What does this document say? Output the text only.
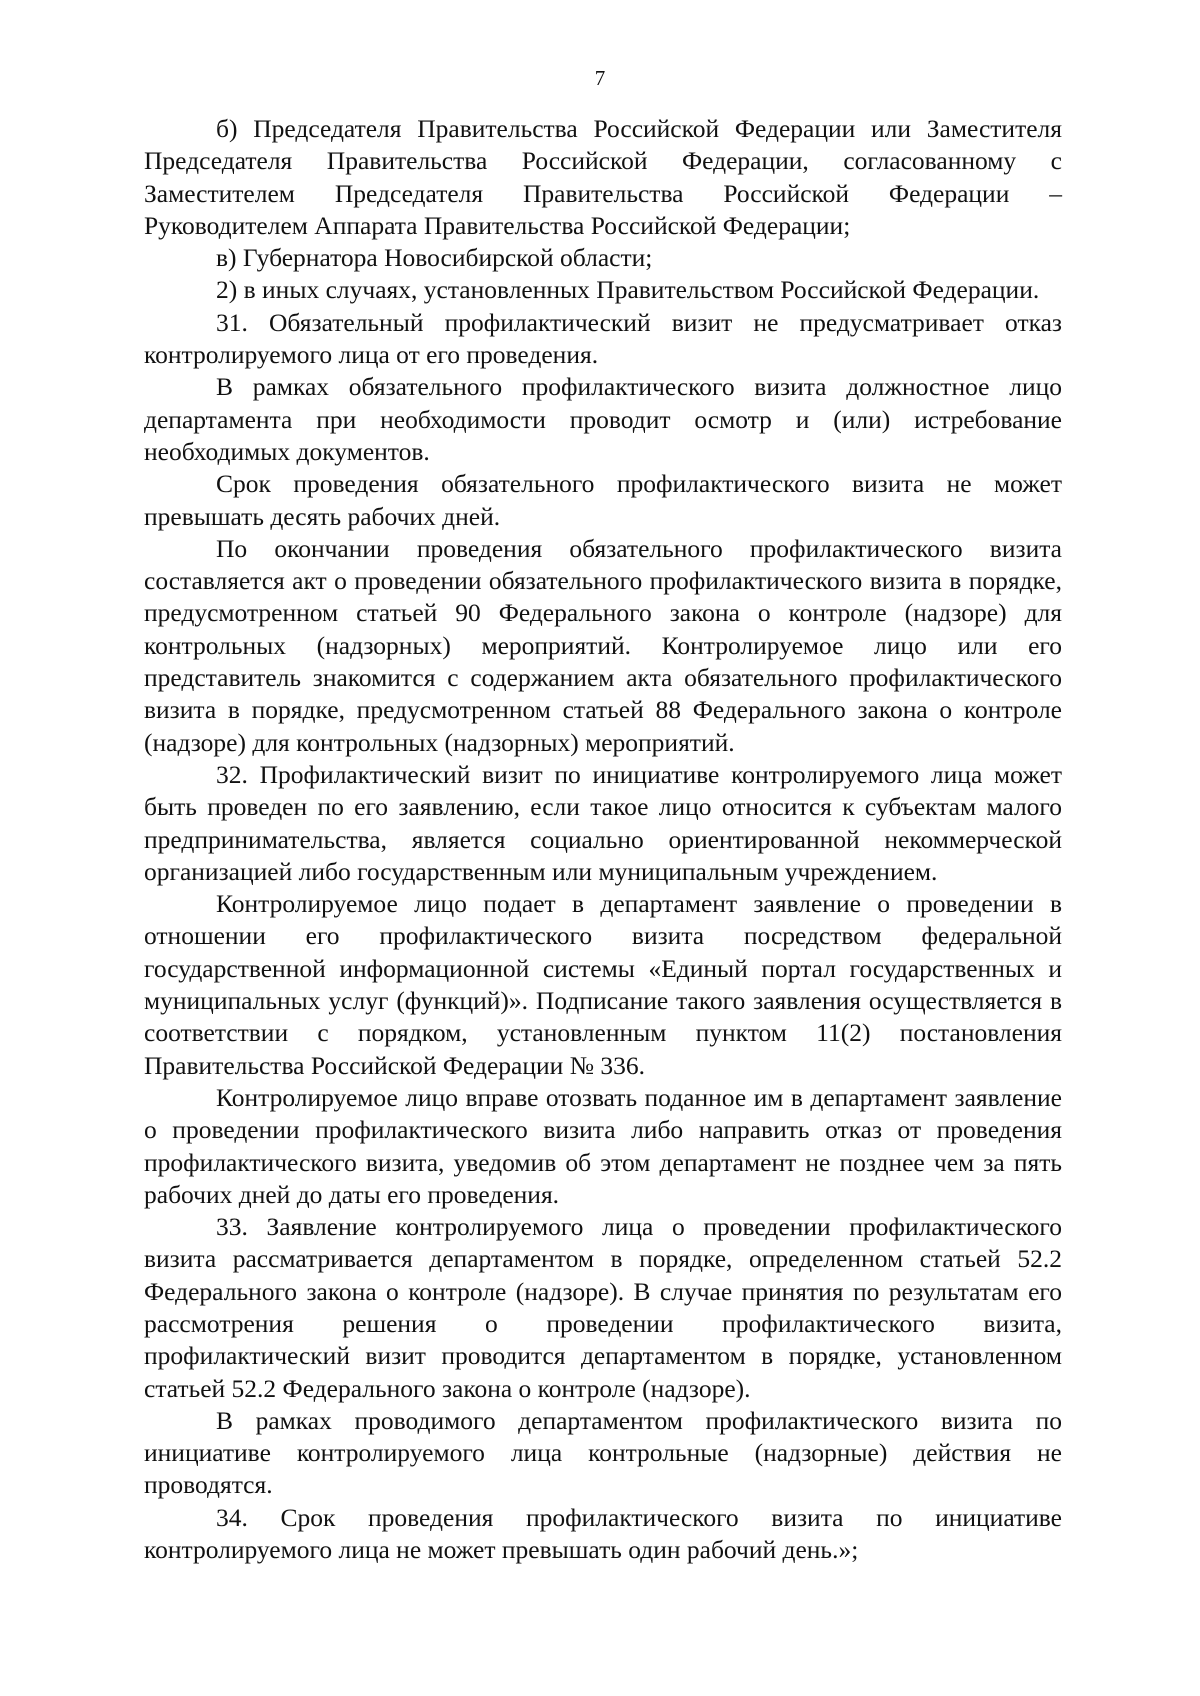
7

б) Председателя Правительства Российской Федерации или Заместителя Председателя Правительства Российской Федерации, согласованному с Заместителем Председателя Правительства Российской Федерации – Руководителем Аппарата Правительства Российской Федерации;

в) Губернатора Новосибирской области;

2) в иных случаях, установленных Правительством Российской Федерации.

31. Обязательный профилактический визит не предусматривает отказ контролируемого лица от его проведения.

В рамках обязательного профилактического визита должностное лицо департамента при необходимости проводит осмотр и (или) истребование необходимых документов.

Срок проведения обязательного профилактического визита не может превышать десять рабочих дней.

По окончании проведения обязательного профилактического визита составляется акт о проведении обязательного профилактического визита в порядке, предусмотренном статьей 90 Федерального закона о контроле (надзоре) для контрольных (надзорных) мероприятий. Контролируемое лицо или его представитель знакомится с содержанием акта обязательного профилактического визита в порядке, предусмотренном статьей 88 Федерального закона о контроле (надзоре) для контрольных (надзорных) мероприятий.

32. Профилактический визит по инициативе контролируемого лица может быть проведен по его заявлению, если такое лицо относится к субъектам малого предпринимательства, является социально ориентированной некоммерческой организацией либо государственным или муниципальным учреждением.

Контролируемое лицо подает в департамент заявление о проведении в отношении его профилактического визита посредством федеральной государственной информационной системы «Единый портал государственных и муниципальных услуг (функций)». Подписание такого заявления осуществляется в соответствии с порядком, установленным пунктом 11(2) постановления Правительства Российской Федерации № 336.

Контролируемое лицо вправе отозвать поданное им в департамент заявление о проведении профилактического визита либо направить отказ от проведения профилактического визита, уведомив об этом департамент не позднее чем за пять рабочих дней до даты его проведения.

33. Заявление контролируемого лица о проведении профилактического визита рассматривается департаментом в порядке, определенном статьей 52.2 Федерального закона о контроле (надзоре). В случае принятия по результатам его рассмотрения решения о проведении профилактического визита, профилактический визит проводится департаментом в порядке, установленном статьей 52.2 Федерального закона о контроле (надзоре).

В рамках проводимого департаментом профилактического визита по инициативе контролируемого лица контрольные (надзорные) действия не проводятся.

34. Срок проведения профилактического визита по инициативе контролируемого лица не может превышать один рабочий день.»;
